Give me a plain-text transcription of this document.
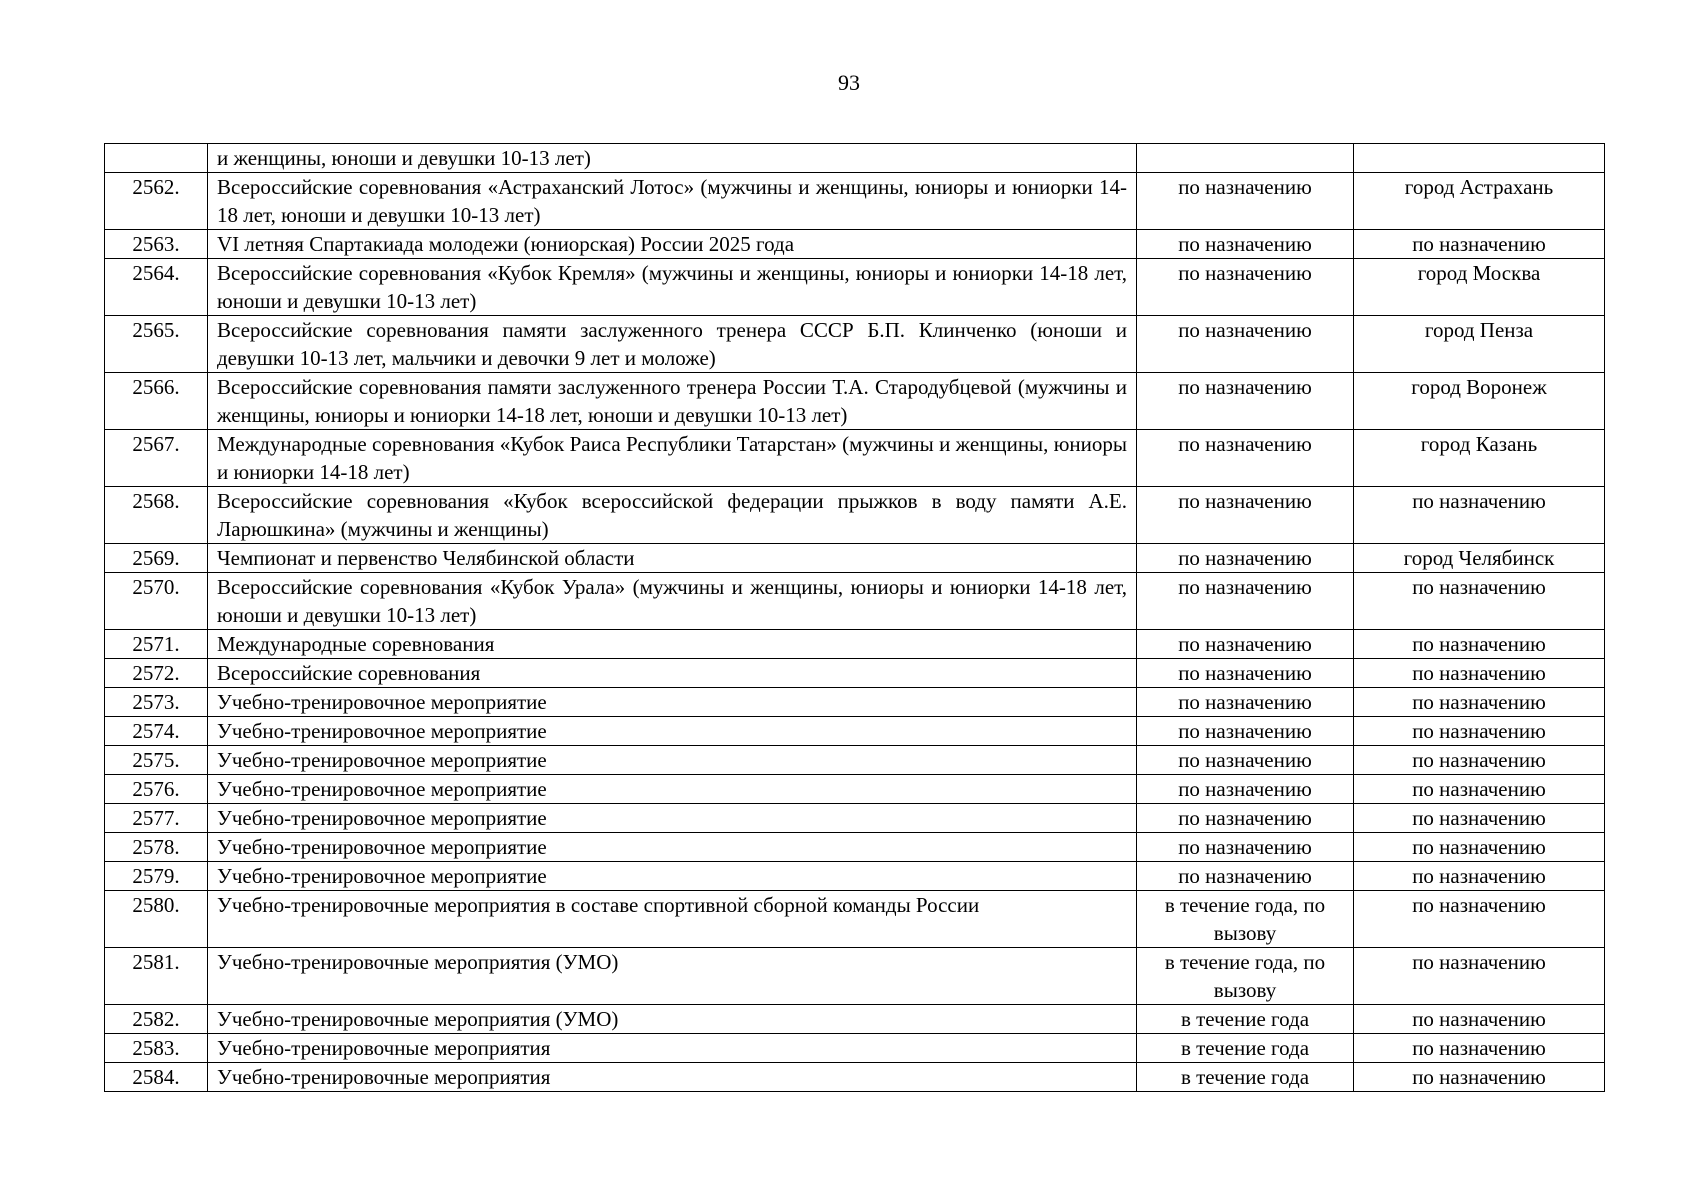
93
	и женщины, юноши и девушки 10-13 лет)		
2562.	Всероссийские соревнования «Астраханский Лотос» (мужчины и женщины, юниоры и юниорки 14-18 лет, юноши и девушки 10-13 лет)	по назначению	город Астрахань
2563.	VI летняя Спартакиада молодежи (юниорская) России 2025 года	по назначению	по назначению
2564.	Всероссийские соревнования «Кубок Кремля» (мужчины и женщины, юниоры и юниорки 14-18 лет, юноши и девушки 10-13 лет)	по назначению	город Москва
2565.	Всероссийские соревнования памяти заслуженного тренера СССР Б.П. Клинченко (юноши и девушки 10-13 лет, мальчики и девочки 9 лет и моложе)	по назначению	город Пенза
2566.	Всероссийские соревнования памяти заслуженного тренера России Т.А. Стародубцевой (мужчины и женщины, юниоры и юниорки 14-18 лет, юноши и девушки 10-13 лет)	по назначению	город Воронеж
2567.	Международные соревнования «Кубок Раиса Республики Татарстан» (мужчины и женщины, юниоры и юниорки 14-18 лет)	по назначению	город Казань
2568.	Всероссийские соревнования «Кубок всероссийской федерации прыжков в воду памяти А.Е. Ларюшкина» (мужчины и женщины)	по назначению	по назначению
2569.	Чемпионат и первенство Челябинской области	по назначению	город Челябинск
2570.	Всероссийские соревнования «Кубок Урала» (мужчины и женщины, юниоры и юниорки 14-18 лет, юноши и девушки 10-13 лет)	по назначению	по назначению
2571.	Международные соревнования	по назначению	по назначению
2572.	Всероссийские соревнования	по назначению	по назначению
2573.	Учебно-тренировочное мероприятие	по назначению	по назначению
2574.	Учебно-тренировочное мероприятие	по назначению	по назначению
2575.	Учебно-тренировочное мероприятие	по назначению	по назначению
2576.	Учебно-тренировочное мероприятие	по назначению	по назначению
2577.	Учебно-тренировочное мероприятие	по назначению	по назначению
2578.	Учебно-тренировочное мероприятие	по назначению	по назначению
2579.	Учебно-тренировочное мероприятие	по назначению	по назначению
2580.	Учебно-тренировочные мероприятия в составе спортивной сборной команды России	в течение года, по вызову	по назначению
2581.	Учебно-тренировочные мероприятия (УМО)	в течение года, по вызову	по назначению
2582.	Учебно-тренировочные мероприятия (УМО)	в течение года	по назначению
2583.	Учебно-тренировочные мероприятия	в течение года	по назначению
2584.	Учебно-тренировочные мероприятия	в течение года	по назначению
